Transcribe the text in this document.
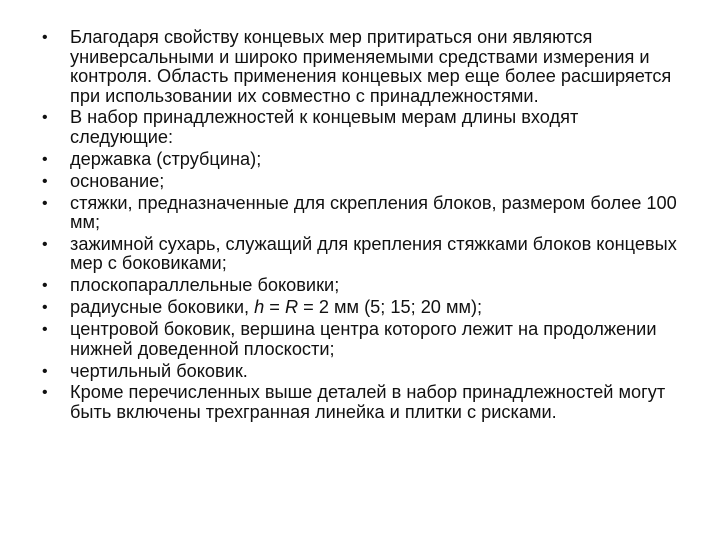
•	Благодаря свойству концевых мер притираться они являются универсальными и широко применяемыми средствами измерения и контроля. Область применения концевых мер еще более расширяется при использовании их совместно с принадлежностями.
•	В набор принадлежностей к концевым мерам длины входят следующие:
•	державка (струбцина);
•	основание;
•	стяжки, предназначенные для скрепления блоков, размером более 100 мм;
•	зажимной сухарь, служащий для крепления стяжками блоков концевых мер с боковиками;
•	плоскопараллельные боковики;
•	радиусные боковики, h = R = 2 мм (5; 15; 20 мм);
•	центровой боковик, вершина центра которого лежит на продолжении нижней доведенной плоскости;
•	чертильный боковик.
•	Кроме перечисленных выше деталей в набор принадлежностей могут быть включены трехгранная линейка и плитки с рисками.
